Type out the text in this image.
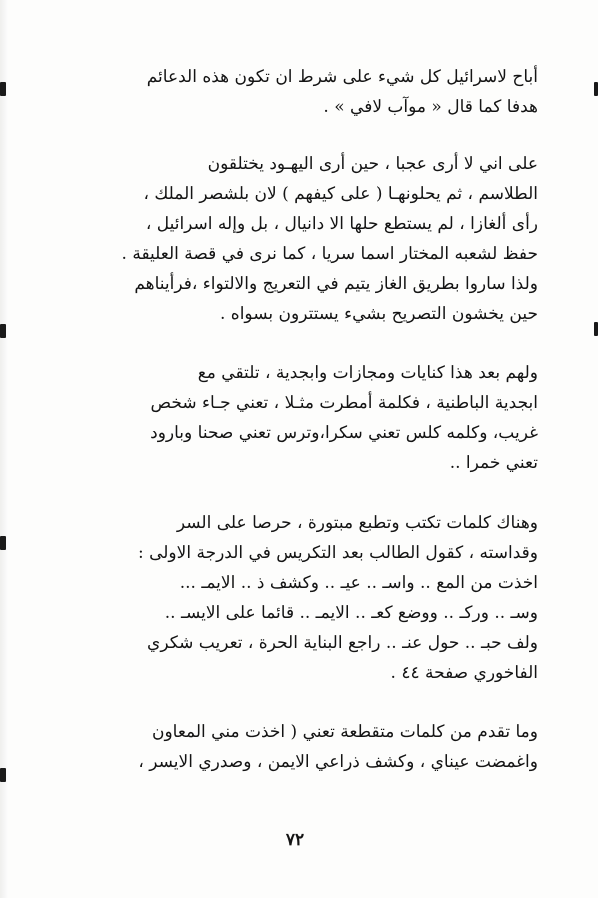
أباح لاسرائيل كل شيء على شرط ان تكون هذه الدعائم
هدفا كما قال « موآب لافي » .
على اني لا أرى عجبا ، حين أرى اليهـود يختلقون
الطلاسم ، ثم يحلونهـا ( على كيفهم ) لان بلشصر الملك ،
رأى ألغازا ، لم يستطع حلها الا دانيال ، بل وإله اسرائيل ،
حفظ لشعبه المختار اسما سريا ، كما نرى في قصة العليقة .
ولذا ساروا بطريق الغاز يتيم في التعريج والالتواء ،فرأيناهم
حين يخشون التصريح بشيء يستترون بسواه .
ولهم بعد هذا كنايات ومجازات وابجدية ، تلتقي مع
ابجدية الباطنية ، فكلمة أمطرت مثـلا ، تعني جـاء شخص
غريب، وكلمه كلس تعني سكرا،وترس تعني صحنا وبارود
تعني خمرا ..
وهناك كلمات تكتب وتطبع مبتورة ، حرصا على السر
وقداسته ، كقول الطالب بعد التكريس في الدرجة الاولى :
اخذت من المع .. واسـ .. عيـ .. وكشف ذ .. الايمـ ...
وسـ .. وركـ .. ووضع كعـ .. الايمـ .. قائما على الايسـ ..
ولف حبـ .. حول عنـ .. راجع البناية الحرة ، تعريب شكري
الفاخوري صفحة ٤٤ .
وما تقدم من كلمات متقطعة تعني ( اخذت مني المعاون
واغمضت عيناي ، وكشف ذراعي الايمن ، وصدري الايسر ،
٧٢
